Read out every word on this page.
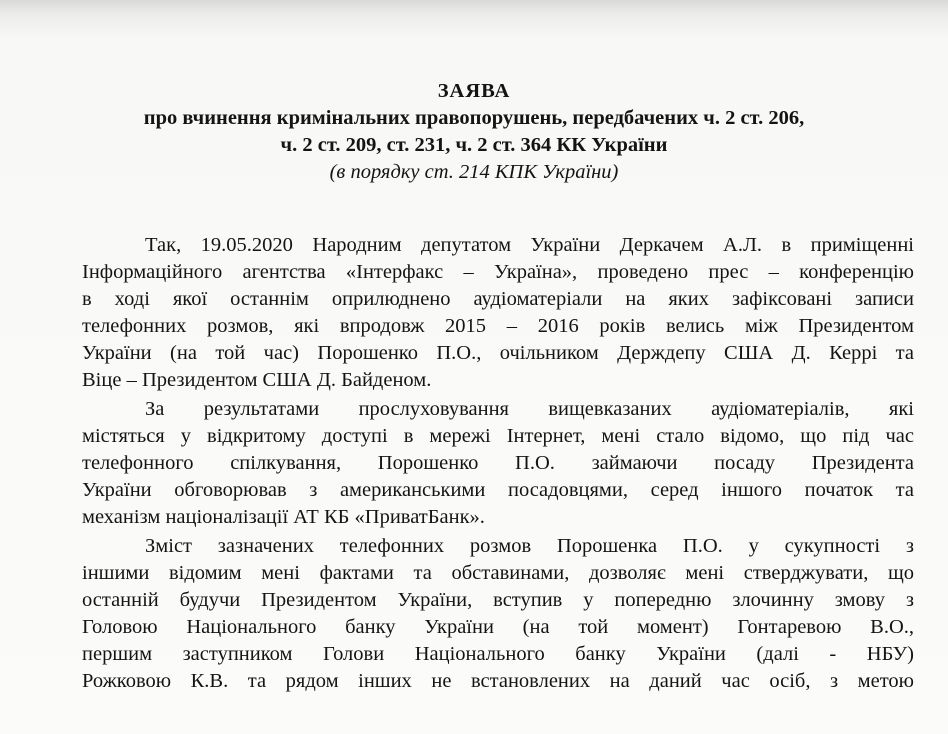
ЗАЯВА
про вчинення кримінальних правопорушень, передбачених ч. 2 ст. 206,
ч. 2 ст. 209, ст. 231, ч. 2 ст. 364 КК України
(в порядку ст. 214 КПК України)
Так, 19.05.2020 Народним депутатом України Деркачем А.Л. в приміщенні
Інформаційного агентства «Інтерфакс – Україна», проведено прес – конференцію
в ході якої останнім оприлюднено аудіоматеріали на яких зафіксовані записи
телефонних розмов, які впродовж 2015 – 2016 років велись між Президентом
України (на той час) Порошенко П.О., очільником Держдепу США Д. Керрі та
Віце – Президентом США Д. Байденом.
За результатами прослуховування вищевказаних аудіоматеріалів, які
містяться у відкритому доступі в мережі Інтернет, мені стало відомо, що під час
телефонного спілкування, Порошенко П.О. займаючи посаду Президента
України обговорював з американськими посадовцями, серед іншого початок та
механізм націоналізації АТ КБ «ПриватБанк».
Зміст зазначених телефонних розмов Порошенка П.О. у сукупності з
іншими відомим мені фактами та обставинами, дозволяє мені стверджувати, що
останній будучи Президентом України, вступив у попередню злочинну змову з
Головою Національного банку України (на той момент) Гонтаревою В.О.,
першим заступником Голови Національного банку України (далі - НБУ)
Рожковою К.В. та рядом інших не встановлених на даний час осіб, з метою
